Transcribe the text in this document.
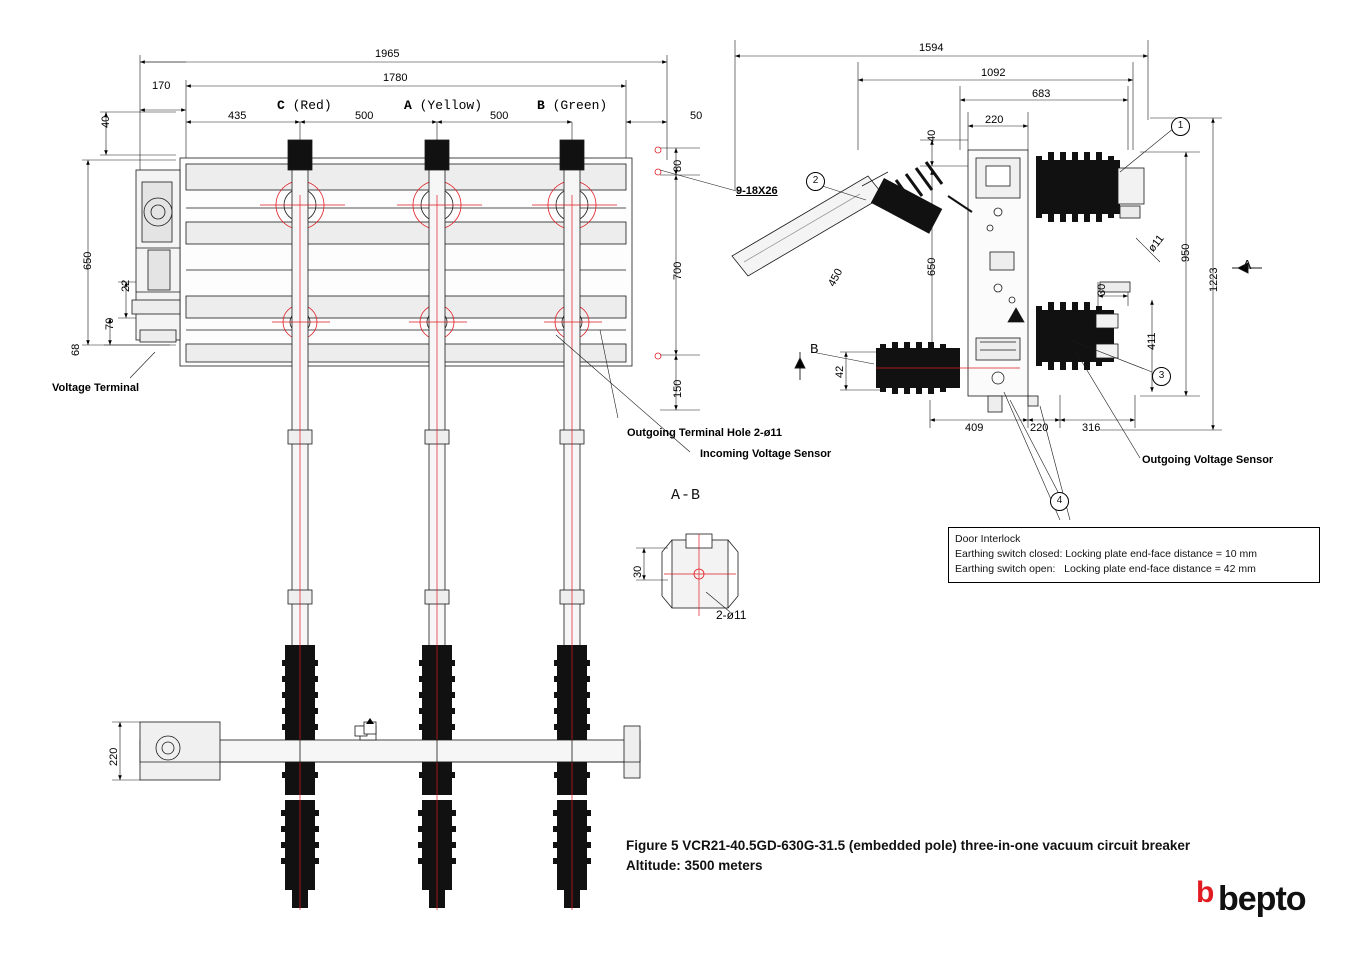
1965
1780
170
435	500	500	50
40
650
22
70
68
80
700
150
220
C (Red)	A (Yellow)	B (Green)
Voltage Terminal
Outgoing Terminal Hole 2-ø11
Incoming Voltage Sensor
9-18X26
A-B
30
2-ø11
1594
1092
683
220
40
650
950
1223
411
30
ø11
42
409	220	316
450
A
B
1
2
3
4
Outgoing Voltage Sensor
Door Interlock
Earthing switch closed: Locking plate end-face distance = 10 mm
Earthing switch open:   Locking plate end-face distance = 42 mm
Figure 5 VCR21-40.5GD-630G-31.5 (embedded pole) three-in-one vacuum circuit breaker
Altitude: 3500 meters
b bepto
